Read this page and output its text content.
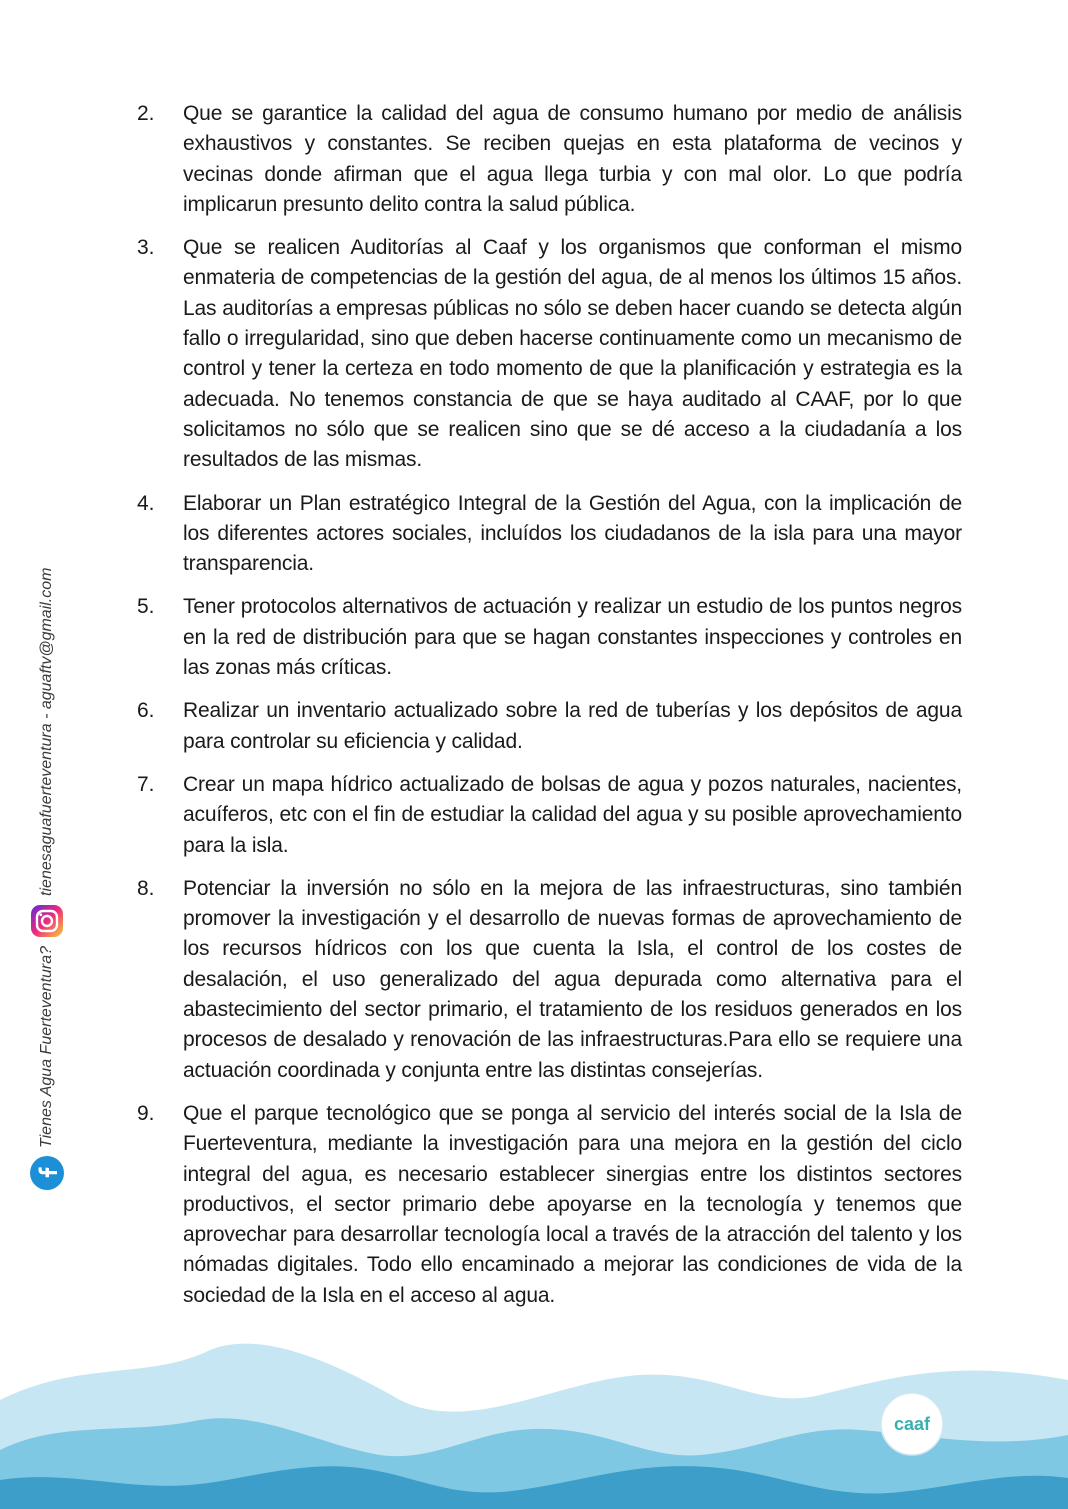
2.	Que se garantice la calidad del agua de consumo humano por medio de análisis exhaustivos y constantes. Se reciben quejas en esta plataforma de vecinos y vecinas donde afirman que el agua llega turbia y con mal olor. Lo que podría implicarun presunto delito contra la salud pública.
3.	Que se realicen Auditorías al Caaf y los organismos que conforman el mismo enmateria de competencias de la gestión del agua, de al menos los últimos 15 años. Las auditorías a empresas públicas no sólo se deben hacer cuando se detecta algún fallo o irregularidad, sino que deben hacerse continuamente como un mecanismo de control y tener la certeza en todo momento de que la planificación y estrategia es la adecuada. No tenemos constancia de que se haya auditado al CAAF, por lo que solicitamos no sólo que se realicen sino que se dé acceso a la ciudadanía a los resultados de las mismas.
4.	Elaborar un Plan estratégico Integral de la Gestión del Agua, con la implicación de los diferentes actores sociales, incluídos los ciudadanos de la isla para una mayor transparencia.
5.	Tener protocolos alternativos de actuación y realizar un estudio de los puntos negros en la red de distribución para que se hagan constantes inspecciones y controles en las zonas más críticas.
6.	Realizar un inventario actualizado sobre la red de tuberías y los depósitos de agua para controlar su eficiencia y calidad.
7.	Crear un mapa hídrico actualizado de bolsas de agua y pozos naturales, nacientes, acuíferos, etc con el fin de estudiar la calidad del agua y su posible aprovechamiento para la isla.
8.	Potenciar la inversión no sólo en la mejora de las infraestructuras, sino también promover la investigación y el desarrollo de nuevas formas de aprovechamiento de los recursos hídricos con los que cuenta la Isla, el control de los costes de desalación, el uso generalizado del agua depurada como alternativa para el abastecimiento del sector primario, el tratamiento de los residuos generados en los procesos de desalado y renovación de las infraestructuras.Para ello se requiere una actuación coordinada y conjunta entre las distintas consejerías.
9.	Que el parque tecnológico que se ponga al servicio del interés social de la Isla de Fuerteventura, mediante la investigación para una mejora en la gestión del ciclo integral del agua, es necesario establecer sinergias entre los distintos sectores productivos, el sector primario debe apoyarse en la tecnología y tenemos que aprovechar para desarrollar tecnología local a través de la atracción del talento y los nómadas digitales. Todo ello encaminado a mejorar las condiciones de vida de la sociedad de la Isla en el acceso al agua.
Tienes Agua Fuerteventura?
tienesaguafuerteventura - aguaftv@gmail.com
caaf
